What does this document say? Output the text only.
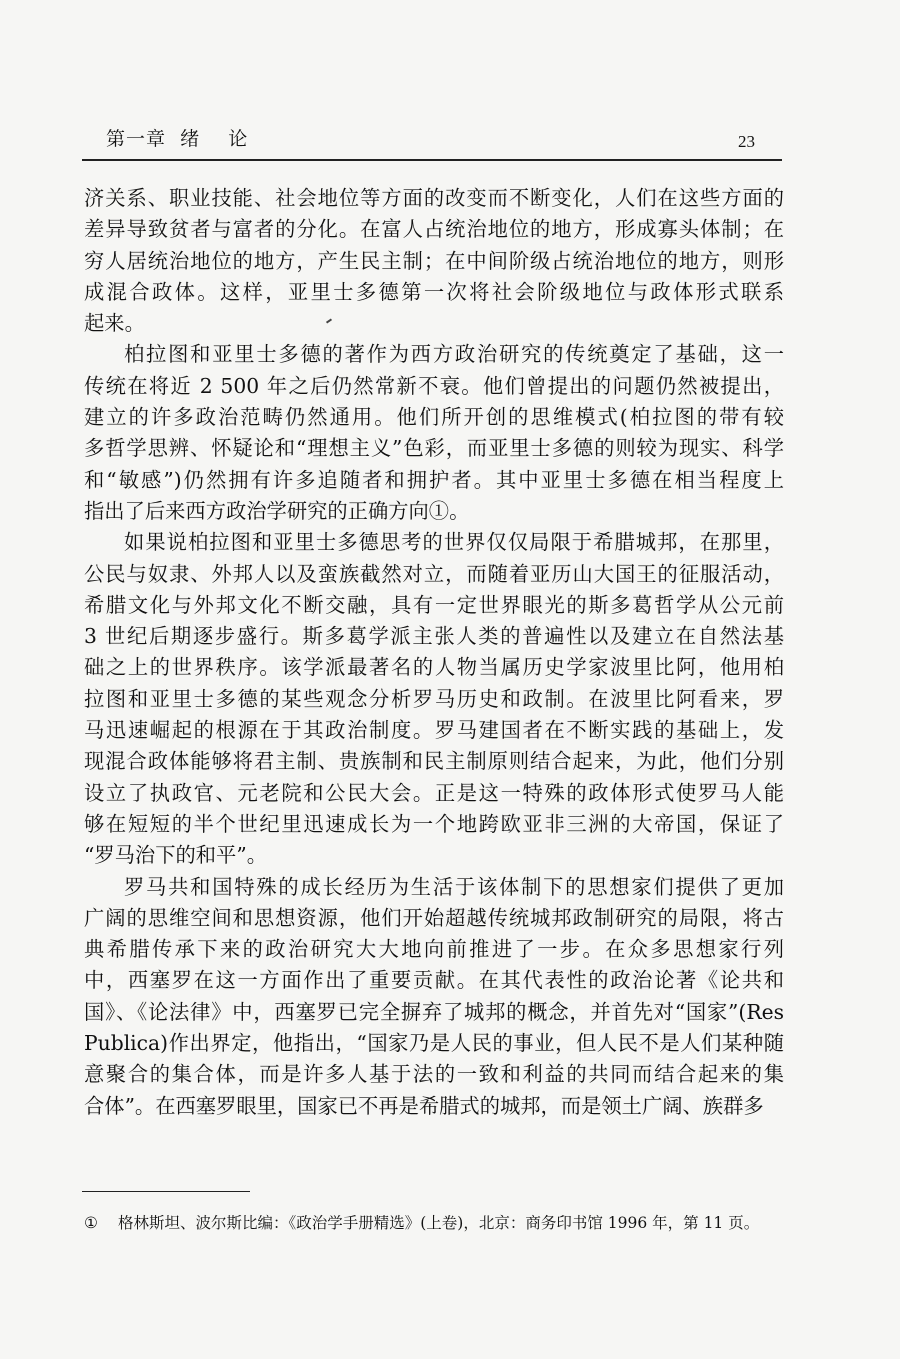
第一章  绪    论	23
济关系、职业技能、社会地位等方面的改变而不断变化，人们在这些方面的
差异导致贫者与富者的分化。在富人占统治地位的地方，形成寡头体制；在
穷人居统治地位的地方，产生民主制；在中间阶级占统治地位的地方，则形
成混合政体。这样，亚里士多德第一次将社会阶级地位与政体形式联系
起来。
柏拉图和亚里士多德的著作为西方政治研究的传统奠定了基础，这一
传统在将近 2 500 年之后仍然常新不衰。他们曾提出的问题仍然被提出，
建立的许多政治范畴仍然通用。他们所开创的思维模式(柏拉图的带有较
多哲学思辨、怀疑论和“理想主义”色彩，而亚里士多德的则较为现实、科学
和“敏感”)仍然拥有许多追随者和拥护者。其中亚里士多德在相当程度上
指出了后来西方政治学研究的正确方向①。
如果说柏拉图和亚里士多德思考的世界仅仅局限于希腊城邦，在那里，
公民与奴隶、外邦人以及蛮族截然对立，而随着亚历山大国王的征服活动，
希腊文化与外邦文化不断交融，具有一定世界眼光的斯多葛哲学从公元前
3 世纪后期逐步盛行。斯多葛学派主张人类的普遍性以及建立在自然法基
础之上的世界秩序。该学派最著名的人物当属历史学家波里比阿，他用柏
拉图和亚里士多德的某些观念分析罗马历史和政制。在波里比阿看来，罗
马迅速崛起的根源在于其政治制度。罗马建国者在不断实践的基础上，发
现混合政体能够将君主制、贵族制和民主制原则结合起来，为此，他们分别
设立了执政官、元老院和公民大会。正是这一特殊的政体形式使罗马人能
够在短短的半个世纪里迅速成长为一个地跨欧亚非三洲的大帝国，保证了
“罗马治下的和平”。
罗马共和国特殊的成长经历为生活于该体制下的思想家们提供了更加
广阔的思维空间和思想资源，他们开始超越传统城邦政制研究的局限，将古
典希腊传承下来的政治研究大大地向前推进了一步。在众多思想家行列
中，西塞罗在这一方面作出了重要贡献。在其代表性的政治论著《论共和
国》、《论法律》中，西塞罗已完全摒弃了城邦的概念，并首先对“国家”(Res
Publica)作出界定，他指出，“国家乃是人民的事业，但人民不是人们某种随
意聚合的集合体，而是许多人基于法的一致和利益的共同而结合起来的集
合体”。在西塞罗眼里，国家已不再是希腊式的城邦，而是领土广阔、族群多
① 格林斯坦、波尔斯比编：《政治学手册精选》(上卷)，北京：商务印书馆 1996 年，第 11 页。
